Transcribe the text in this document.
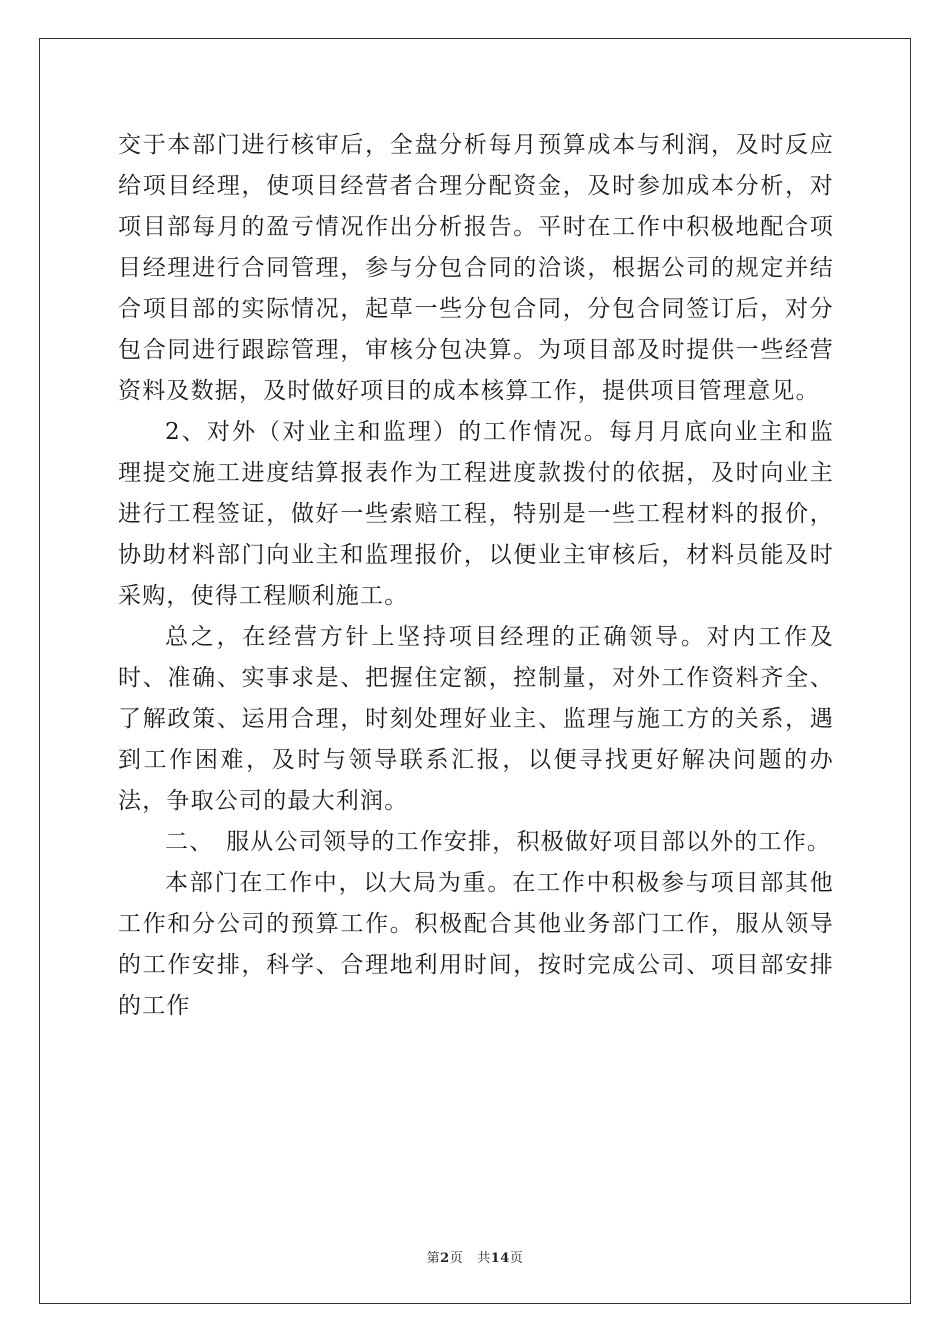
交于本部门进行核审后，全盘分析每月预算成本与利润，及时反应给项目经理，使项目经营者合理分配资金，及时参加成本分析，对项目部每月的盈亏情况作出分析报告。平时在工作中积极地配合项目经理进行合同管理，参与分包合同的洽谈，根据公司的规定并结合项目部的实际情况，起草一些分包合同，分包合同签订后，对分包合同进行跟踪管理，审核分包决算。为项目部及时提供一些经营资料及数据，及时做好项目的成本核算工作，提供项目管理意见。

2、对外（对业主和监理）的工作情况。每月月底向业主和监理提交施工进度结算报表作为工程进度款拨付的依据，及时向业主进行工程签证，做好一些索赔工程，特别是一些工程材料的报价，协助材料部门向业主和监理报价，以便业主审核后，材料员能及时采购，使得工程顺利施工。

总之，在经营方针上坚持项目经理的正确领导。对内工作及时、准确、实事求是、把握住定额，控制量，对外工作资料齐全、了解政策、运用合理，时刻处理好业主、监理与施工方的关系，遇到工作困难，及时与领导联系汇报，以便寻找更好解决问题的办法，争取公司的最大利润。

二、　服从公司领导的工作安排，积极做好项目部以外的工作。

本部门在工作中，以大局为重。在工作中积极参与项目部其他工作和分公司的预算工作。积极配合其他业务部门工作，服从领导的工作安排，科学、合理地利用时间，按时完成公司、项目部安排的工作

第2页 共14页
